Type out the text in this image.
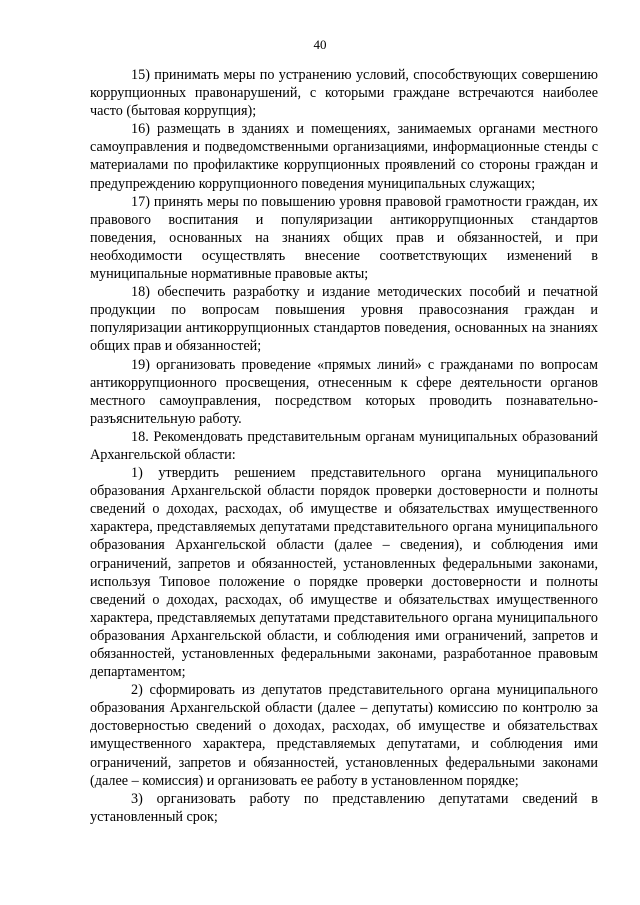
40

15) принимать меры по устранению условий, способствующих совершению коррупционных правонарушений, с которыми граждане встречаются наиболее часто (бытовая коррупция);

16) размещать в зданиях и помещениях, занимаемых органами местного самоуправления и подведомственными организациями, информационные стенды с материалами по профилактике коррупционных проявлений со стороны граждан и предупреждению коррупционного поведения муниципальных служащих;

17) принять меры по повышению уровня правовой грамотности граждан, их правового воспитания и популяризации антикоррупционных стандартов поведения, основанных на знаниях общих прав и обязанностей, и при необходимости осуществлять внесение соответствующих изменений в муниципальные нормативные правовые акты;

18) обеспечить разработку и издание методических пособий и печатной продукции по вопросам повышения уровня правосознания граждан и популяризации антикоррупционных стандартов поведения, основанных на знаниях общих прав и обязанностей;

19) организовать проведение «прямых линий» с гражданами по вопросам антикоррупционного просвещения, отнесенным к сфере деятельности органов местного самоуправления, посредством которых проводить познавательно-разъяснительную работу.

18. Рекомендовать представительным органам муниципальных образований Архангельской области:

1) утвердить решением представительного органа муниципального образования Архангельской области порядок проверки достоверности и полноты сведений о доходах, расходах, об имуществе и обязательствах имущественного характера, представляемых депутатами представительного органа муниципального образования Архангельской области (далее – сведения), и соблюдения ими ограничений, запретов и обязанностей, установленных федеральными законами, используя Типовое положение о порядке проверки достоверности и полноты сведений о доходах, расходах, об имуществе и обязательствах имущественного характера, представляемых депутатами представительного органа муниципального образования Архангельской области, и соблюдения ими ограничений, запретов и обязанностей, установленных федеральными законами, разработанное правовым департаментом;

2) сформировать из депутатов представительного органа муниципального образования Архангельской области (далее – депутаты) комиссию по контролю за достоверностью сведений о доходах, расходах, об имуществе и обязательствах имущественного характера, представляемых депутатами, и соблюдения ими ограничений, запретов и обязанностей, установленных федеральными законами (далее – комиссия) и организовать ее работу в установленном порядке;

3) организовать работу по представлению депутатами сведений в установленный срок;
